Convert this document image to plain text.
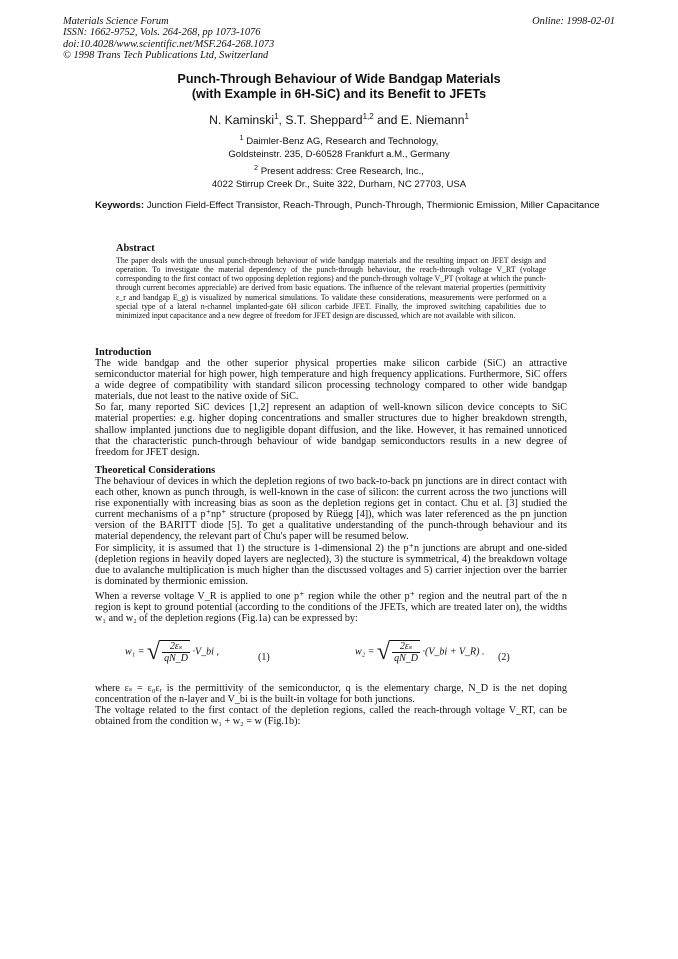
Materials Science Forum
ISSN: 1662-9752, Vols. 264-268, pp 1073-1076
doi:10.4028/www.scientific.net/MSF.264-268.1073
© 1998 Trans Tech Publications Ltd, Switzerland
Online: 1998-02-01
Punch-Through Behaviour of Wide Bandgap Materials
(with Example in 6H-SiC) and its Benefit to JFETs
N. Kaminski$^1$, S.T. Sheppard$^{1,2}$ and E. Niemann$^1$
$^1$ Daimler-Benz AG, Research and Technology,
Goldsteinstr. 235, D-60528 Frankfurt a.M., Germany
$^2$ Present address: Cree Research, Inc.,
4022 Stirrup Creek Dr., Suite 322, Durham, NC 27703, USA
Keywords: Junction Field-Effect Transistor, Reach-Through, Punch-Through, Thermionic Emission, Miller Capacitance
Abstract
The paper deals with the unusual punch-through behaviour of wide bandgap materials and the resulting impact on JFET design and operation. To investigate the material dependency of the punch-through behaviour, the reach-through voltage V_RT (voltage corresponding to the first contact of two opposing depletion regions) and the punch-through voltage V_PT (voltage at which the punch-through current becomes appreciable) are derived from basic equations. The influence of the relevant material properties (permittivity ε_r and bandgap E_g) is visualized by numerical simulations. To validate these considerations, measurements were performed on a special type of a lateral n-channel implanted-gate 6H silicon carbide JFET. Finally, the improved switching capabilities due to minimized input capacitance and a new degree of freedom for JFET design are discussed, which are not available with silicon.
Introduction

The wide bandgap and the other superior physical properties make silicon carbide (SiC) an attractive semiconductor material for high power, high temperature and high frequency applications. Furthermore, SiC offers a wide degree of compatibility with standard silicon processing technology compared to other wide bandgap materials, due not least to the native oxide of SiC.

So far, many reported SiC devices [1,2] represent an adaption of well-known silicon device concepts to SiC material properties: e.g. higher doping concentrations and smaller structures due to higher breakdown strength, shallow implanted junctions due to negligible dopant diffusion, and the like. However, it has remained unnoticed that the characteristic punch-through behaviour of wide bandgap semiconductors results in a new degree of freedom for JFET design.

Theoretical Considerations

The behaviour of devices in which the depletion regions of two back-to-back pn junctions are in direct contact with each other, known as punch through, is well-known in the case of silicon: the current across the two junctions will rise exponentially with increasing bias as soon as the depletion regions get in contact. Chu et al. [3] studied the current mechanisms of a p⁺np⁺ structure (proposed by Rüegg [4]), which was later referenced as the pn junction version of the BARITT diode [5]. To get a qualitative understanding of the punch-through behaviour and its material dependency, the relevant part of Chu's paper will be resumed below.

For simplicity, it is assumed that 1) the structure is 1-dimensional 2) the p⁺n junctions are abrupt and one-sided (depletion regions in heavily doped layers are neglected), 3) the stucture is symmetrical, 4) the breakdown voltage due to avalanche multiplication is much higher than the discussed voltages and 5) carrier injection over the barrier is dominated by thermionic emission.

When a reverse voltage V_R is applied to one p⁺ region while the other p⁺ region and the neutral part of the n region is kept to ground potential (according to the conditions of the JFETs, which are treated later on), the widths w₁ and w₂ of the depletion regions (Fig.1a) can be expressed by:

w₁ = √ $\frac{\text{2εₛ}}{qN\_D}$ ·V_bi ,
(1)
w₂ = √ $\frac{\text{2εₛ}}{qN\_D}$ ·(V_bi + V_R) .
(2)

where εₛ = ε₀εᵣ is the permittivity of the semiconductor, q is the elementary charge, N_D is the net doping concentration of the n-layer and V_bi is the built-in voltage for both junctions.

The voltage related to the first contact of the depletion regions, called the reach-through voltage V_RT, can be obtained from the condition w₁ + w₂ = w (Fig.1b):
